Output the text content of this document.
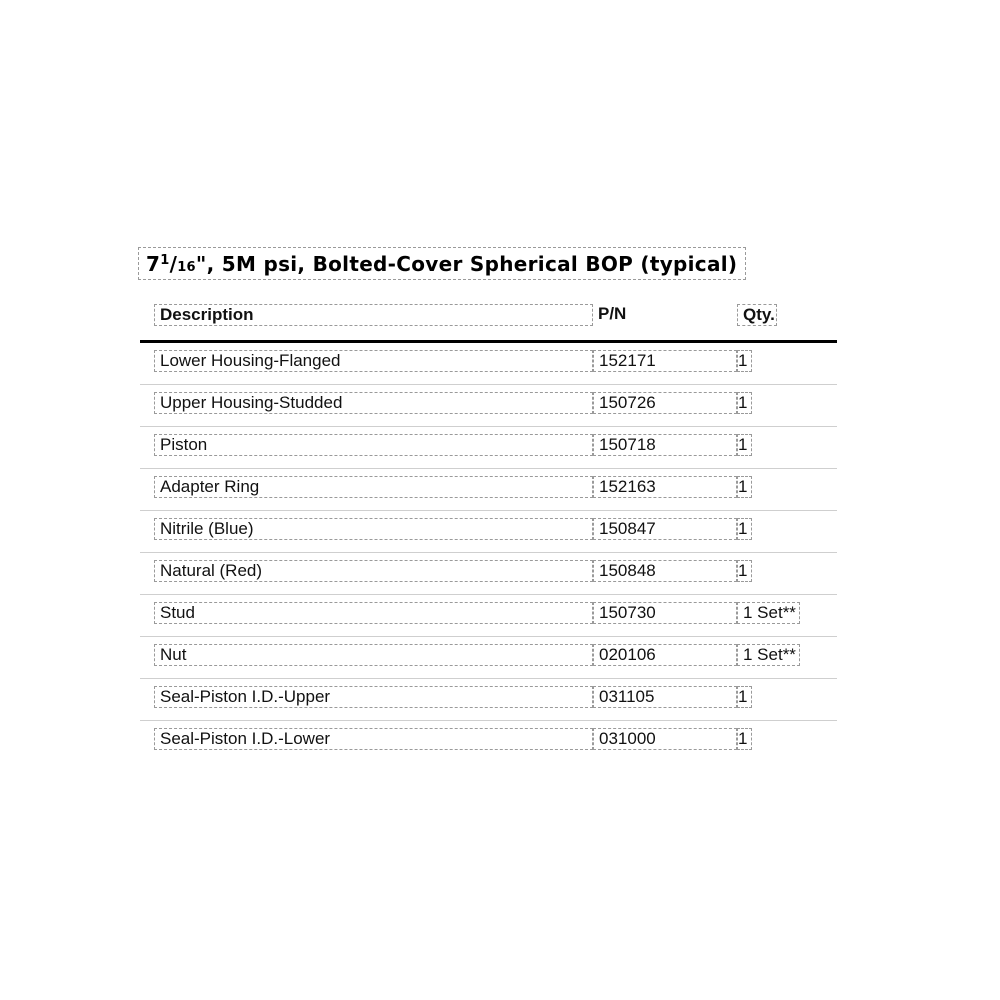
7 $^1$ $/_{16}$ ", 5M psi, Bolted-Cover Spherical BOP (typical)
Description	P/N	Qty.
Lower Housing-Flanged	152171	1
Upper Housing-Studded	150726	1
Piston	150718	1
Adapter Ring	152163	1
Nitrile (Blue)	150847	1
Natural (Red)	150848	1
Stud	150730	1 Set**
Nut	020106	1 Set**
Seal-Piston I.D.-Upper	031105	1
Seal-Piston I.D.-Lower	031000	1
